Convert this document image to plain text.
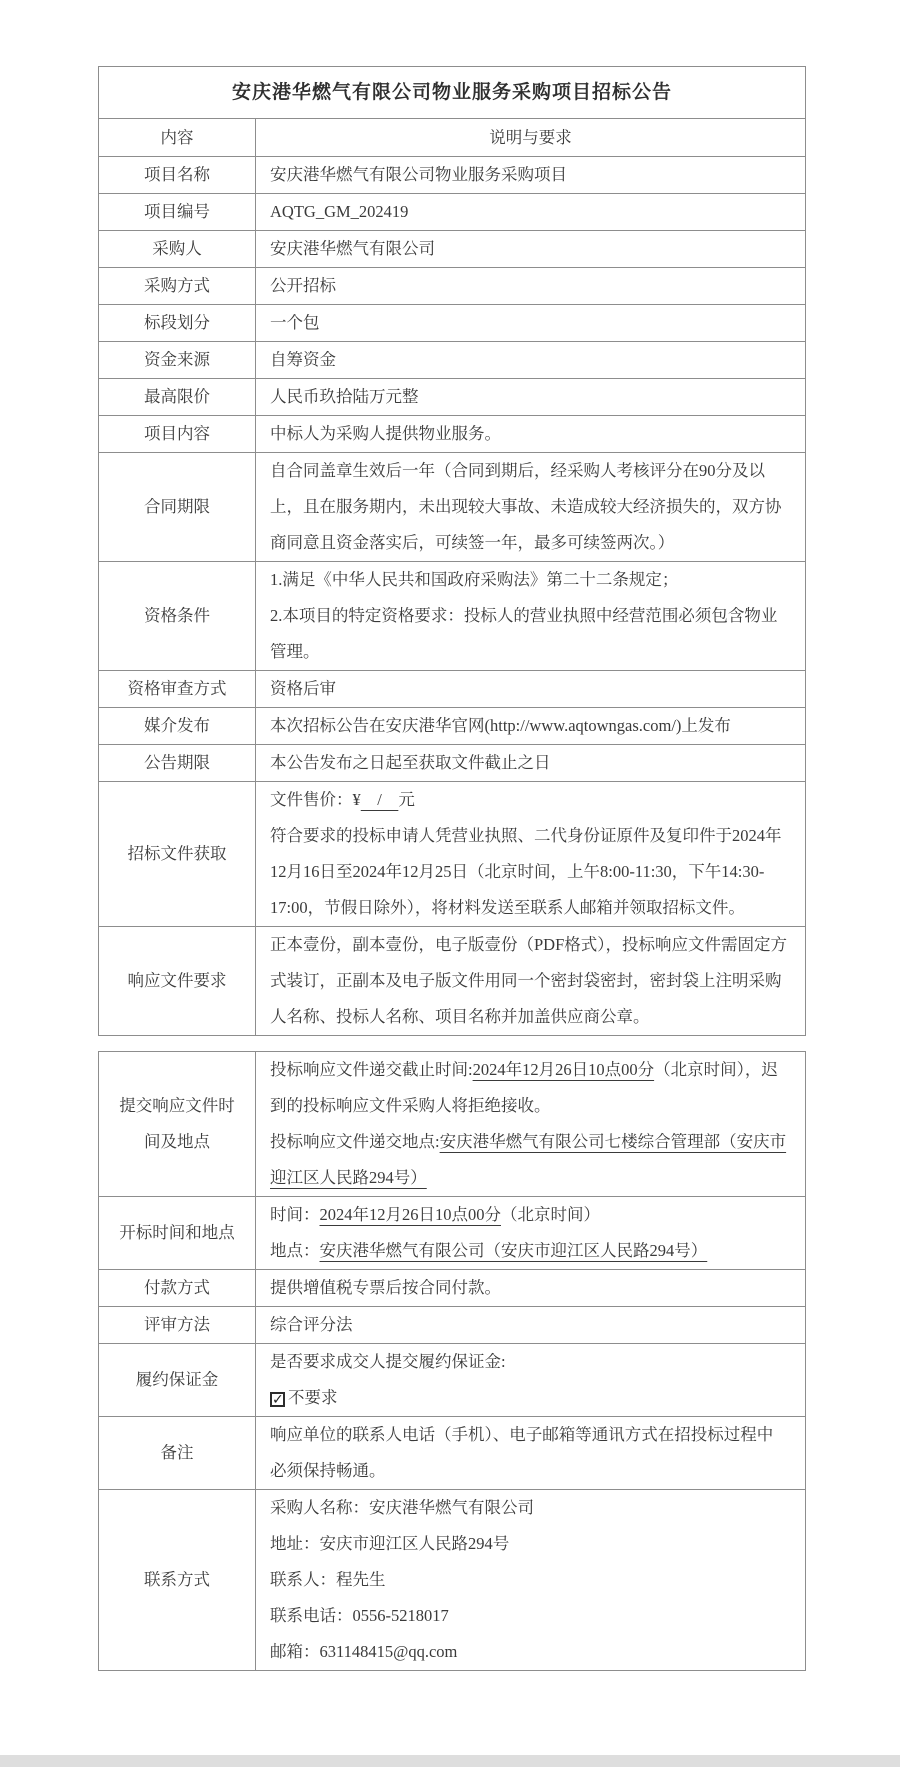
安庆港华燃气有限公司物业服务采购项目招标公告	
内容	说明与要求
项目名称	安庆港华燃气有限公司物业服务采购项目

项目编号	AQTG_GM_202419

采购人	安庆港华燃气有限公司

采购方式	公开招标

标段划分	一个包

资金来源	自筹资金

最高限价	人民币玖拾陆万元整

项目内容	中标人为采购人提供物业服务。

合同期限	自合同盖章生效后一年（合同到期后，经采购人考核评分在90分及以上，且在服务期内，未出现较大事故、未造成较大经济损失的，双方协商同意且资金落实后，可续签一年，最多可续签两次。）

资格条件	1.满足《中华人民共和国政府采购法》第二十二条规定；
2.本项目的特定资格要求：投标人的营业执照中经营范围必须包含物业管理。

资格审查方式	资格后审

媒介发布	本次招标公告在安庆港华官网(http://www.aqtowngas.com/)上发布

公告期限	本公告发布之日起至获取文件截止之日

招标文件获取	文件售价：¥    /    元
符合要求的投标申请人凭营业执照、二代身份证原件及复印件于2024年12月16日至2024年12月25日（北京时间，上午8:00-11:30，下午14:30-17:00，节假日除外），将材料发送至联系人邮箱并领取招标文件。

响应文件要求	正本壹份，副本壹份，电子版壹份（PDF格式），投标响应文件需固定方式装订，正副本及电子版文件用同一个密封袋密封，密封袋上注明采购人名称、投标人名称、项目名称并加盖供应商公章。
提交响应文件时间及地点	投标响应文件递交截止时间:2024年12月26日10点00分（北京时间），迟到的投标响应文件采购人将拒绝接收。
投标响应文件递交地点:安庆港华燃气有限公司七楼综合管理部（安庆市迎江区人民路294号）

开标时间和地点	时间：2024年12月26日10点00分（北京时间）
地点：安庆港华燃气有限公司（安庆市迎江区人民路294号）

付款方式	提供增值税专票后按合同付款。

评审方法	综合评分法

履约保证金	是否要求成交人提交履约保证金:
✓ 不要求

备注	响应单位的联系人电话（手机）、电子邮箱等通讯方式在招投标过程中必须保持畅通。

联系方式	采购人名称：安庆港华燃气有限公司
地址：安庆市迎江区人民路294号
联系人：程先生
联系电话：0556-5218017
邮箱：631148415@qq.com
